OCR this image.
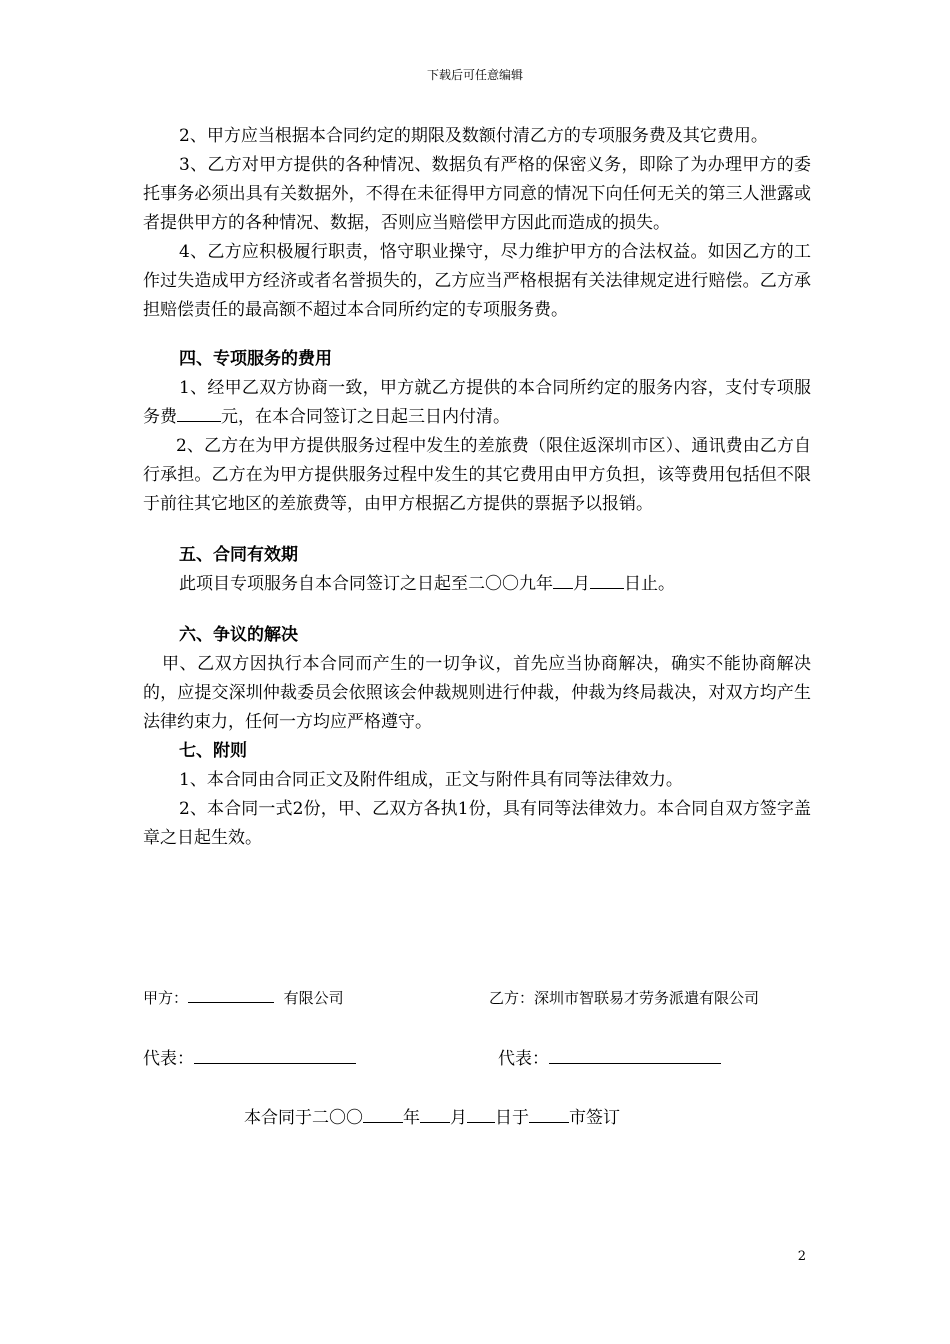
下载后可任意编辑

2、甲方应当根据本合同约定的期限及数额付清乙方的专项服务费及其它费用。

3、乙方对甲方提供的各种情况、数据负有严格的保密义务，即除了为办理甲方的委托事务必须出具有关数据外，不得在未征得甲方同意的情况下向任何无关的第三人泄露或者提供甲方的各种情况、数据，否则应当赔偿甲方因此而造成的损失。

4、乙方应积极履行职责，恪守职业操守，尽力维护甲方的合法权益。如因乙方的工作过失造成甲方经济或者名誉损失的，乙方应当严格根据有关法律规定进行赔偿。乙方承担赔偿责任的最高额不超过本合同所约定的专项服务费。

四、专项服务的费用

1、经甲乙双方协商一致，甲方就乙方提供的本合同所约定的服务内容，支付专项服务费	元，在本合同签订之日起三日内付清。

2、乙方在为甲方提供服务过程中发生的差旅费（限住返深圳市区）、通讯费由乙方自行承担。乙方在为甲方提供服务过程中发生的其它费用由甲方负担，该等费用包括但不限于前往其它地区的差旅费等，由甲方根据乙方提供的票据予以报销。

五、合同有效期

此项目专项服务自本合同签订之日起至二〇〇九年 月 日止。

六、争议的解决

甲、乙双方因执行本合同而产生的一切争议，首先应当协商解决，确实不能协商解决的，应提交深圳仲裁委员会依照该会仲裁规则进行仲裁，仲裁为终局裁决，对双方均产生法律约束力，任何一方均应严格遵守。

七、附则

1、本合同由合同正文及附件组成，正文与附件具有同等法律效力。

2、本合同一式2份，甲、乙双方各执1份，具有同等法律效力。本合同自双方签字盖章之日起生效。

甲方：	有限公司	乙方：深圳市智联易才劳务派遣有限公司
代表：	代表：
本合同于二〇〇 年 月 日于 市签订
2
